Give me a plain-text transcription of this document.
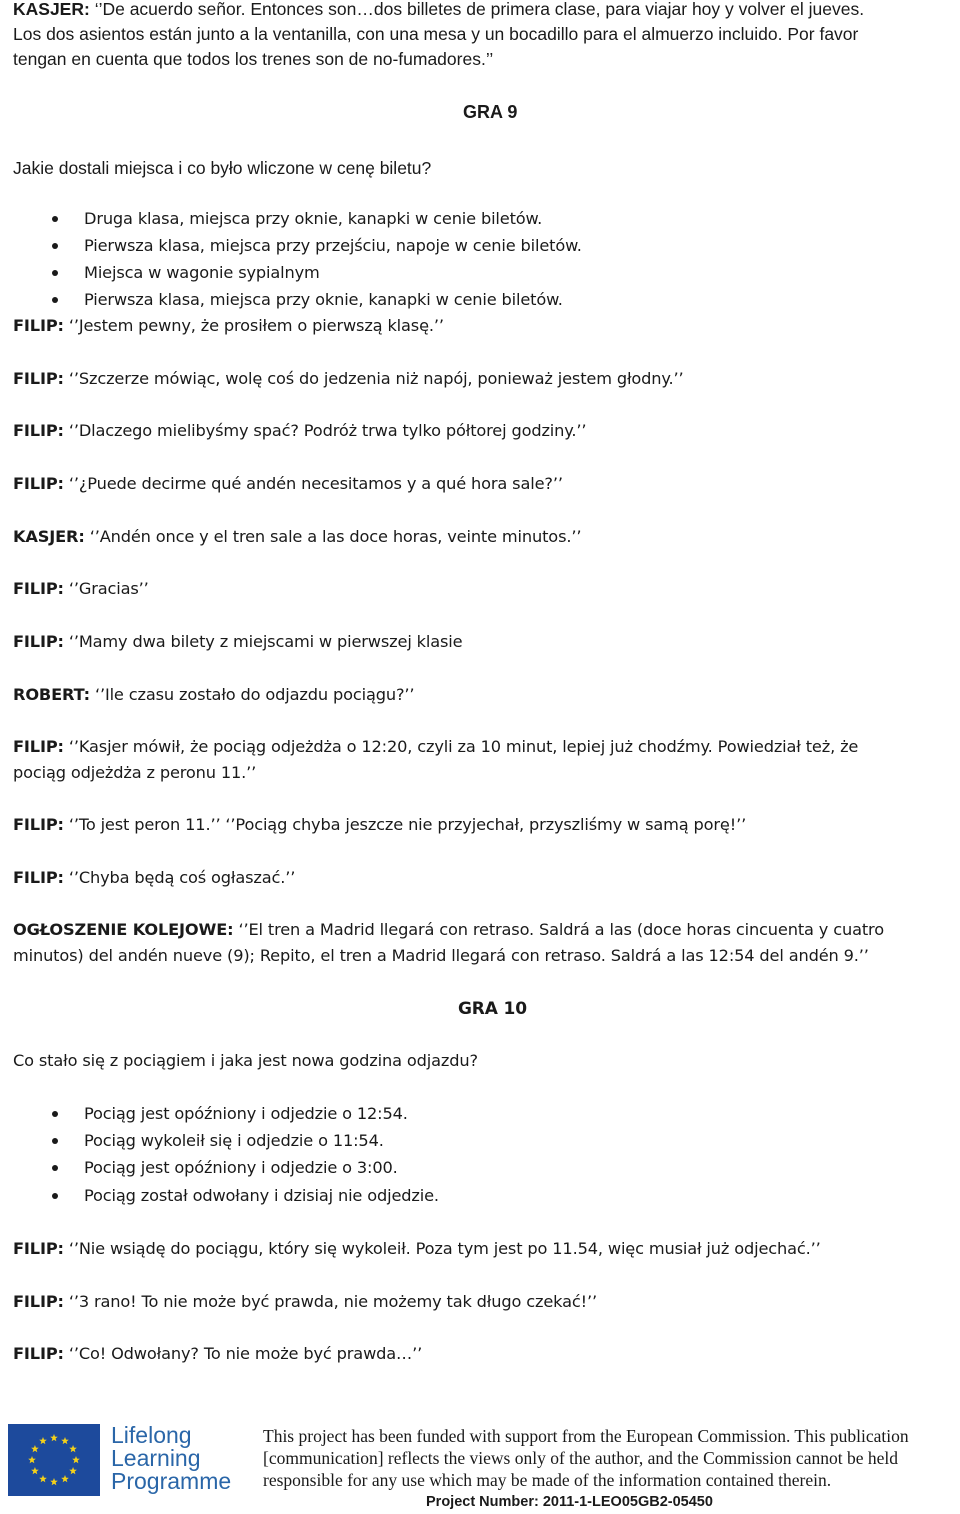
KASJER: ‘’De acuerdo señor. Entonces son…dos billetes de primera clase, para viajar hoy y volver el jueves.
Los dos asientos están junto a la ventanilla, con una mesa y un bocadillo para el almuerzo incluido. Por favor
tengan en cuenta que todos los trenes son de no-fumadores.’’
GRA 9
Jakie dostali miejsca i co było wliczone w cenę biletu?
Druga klasa, miejsca przy oknie, kanapki w cenie biletów.
Pierwsza klasa, miejsca przy przejściu, napoje w cenie biletów.
Miejsca w wagonie sypialnym
Pierwsza klasa, miejsca przy oknie, kanapki w cenie biletów.
FILIP: ‘’Jestem pewny, że prosiłem o pierwszą klasę.’’
FILIP: ‘’Szczerze mówiąc, wolę coś do jedzenia niż napój, ponieważ jestem głodny.’’
FILIP: ‘’Dlaczego mielibyśmy spać? Podróż trwa tylko półtorej godziny.’’
FILIP: ‘’¿Puede decirme qué andén necesitamos y a qué hora sale?’’
KASJER: ‘’Andén once y el tren sale a las doce horas, veinte minutos.’’
FILIP: ‘’Gracias’’
FILIP: ‘’Mamy dwa bilety z miejscami w pierwszej klasie
ROBERT: ‘’Ile czasu zostało do odjazdu pociągu?’’
FILIP: ‘’Kasjer mówił, że pociąg odjeżdża o 12:20, czyli za 10 minut, lepiej już chodźmy. Powiedział też, że
pociąg odjeżdża z peronu 11.’’
FILIP: ‘’To jest peron 11.’’ ‘’Pociąg chyba jeszcze nie przyjechał, przyszliśmy w samą porę!’’
FILIP: ‘’Chyba będą coś ogłaszać.’’
OGŁOSZENIE KOLEJOWE: ‘’El tren a Madrid llegará con retraso. Saldrá a las (doce horas cincuenta y cuatro
minutos) del andén nueve (9); Repito, el tren a Madrid llegará con retraso. Saldrá a las 12:54 del andén 9.’’
GRA 10
Co stało się z pociągiem i jaka jest nowa godzina odjazdu?
Pociąg jest opóźniony i odjedzie o 12:54.
Pociąg wykoleił się i odjedzie o 11:54.
Pociąg jest opóźniony i odjedzie o 3:00.
Pociąg został odwołany i dzisiaj nie odjedzie.
FILIP: ‘’Nie wsiądę do pociągu, który się wykoleił. Poza tym jest po 11.54, więc musiał już odjechać.’’
FILIP: ‘’3 rano! To nie może być prawda, nie możemy tak długo czekać!’’
FILIP: ‘’Co! Odwołany? To nie może być prawda…’’
Lifelong
Learning
Programme
This project has been funded with support from the European Commission. This publication [communication] reflects the views only of the author, and the Commission cannot be held responsible for any use which may be made of the information contained therein.
Project Number: 2011-1-LEO05GB2-05450
